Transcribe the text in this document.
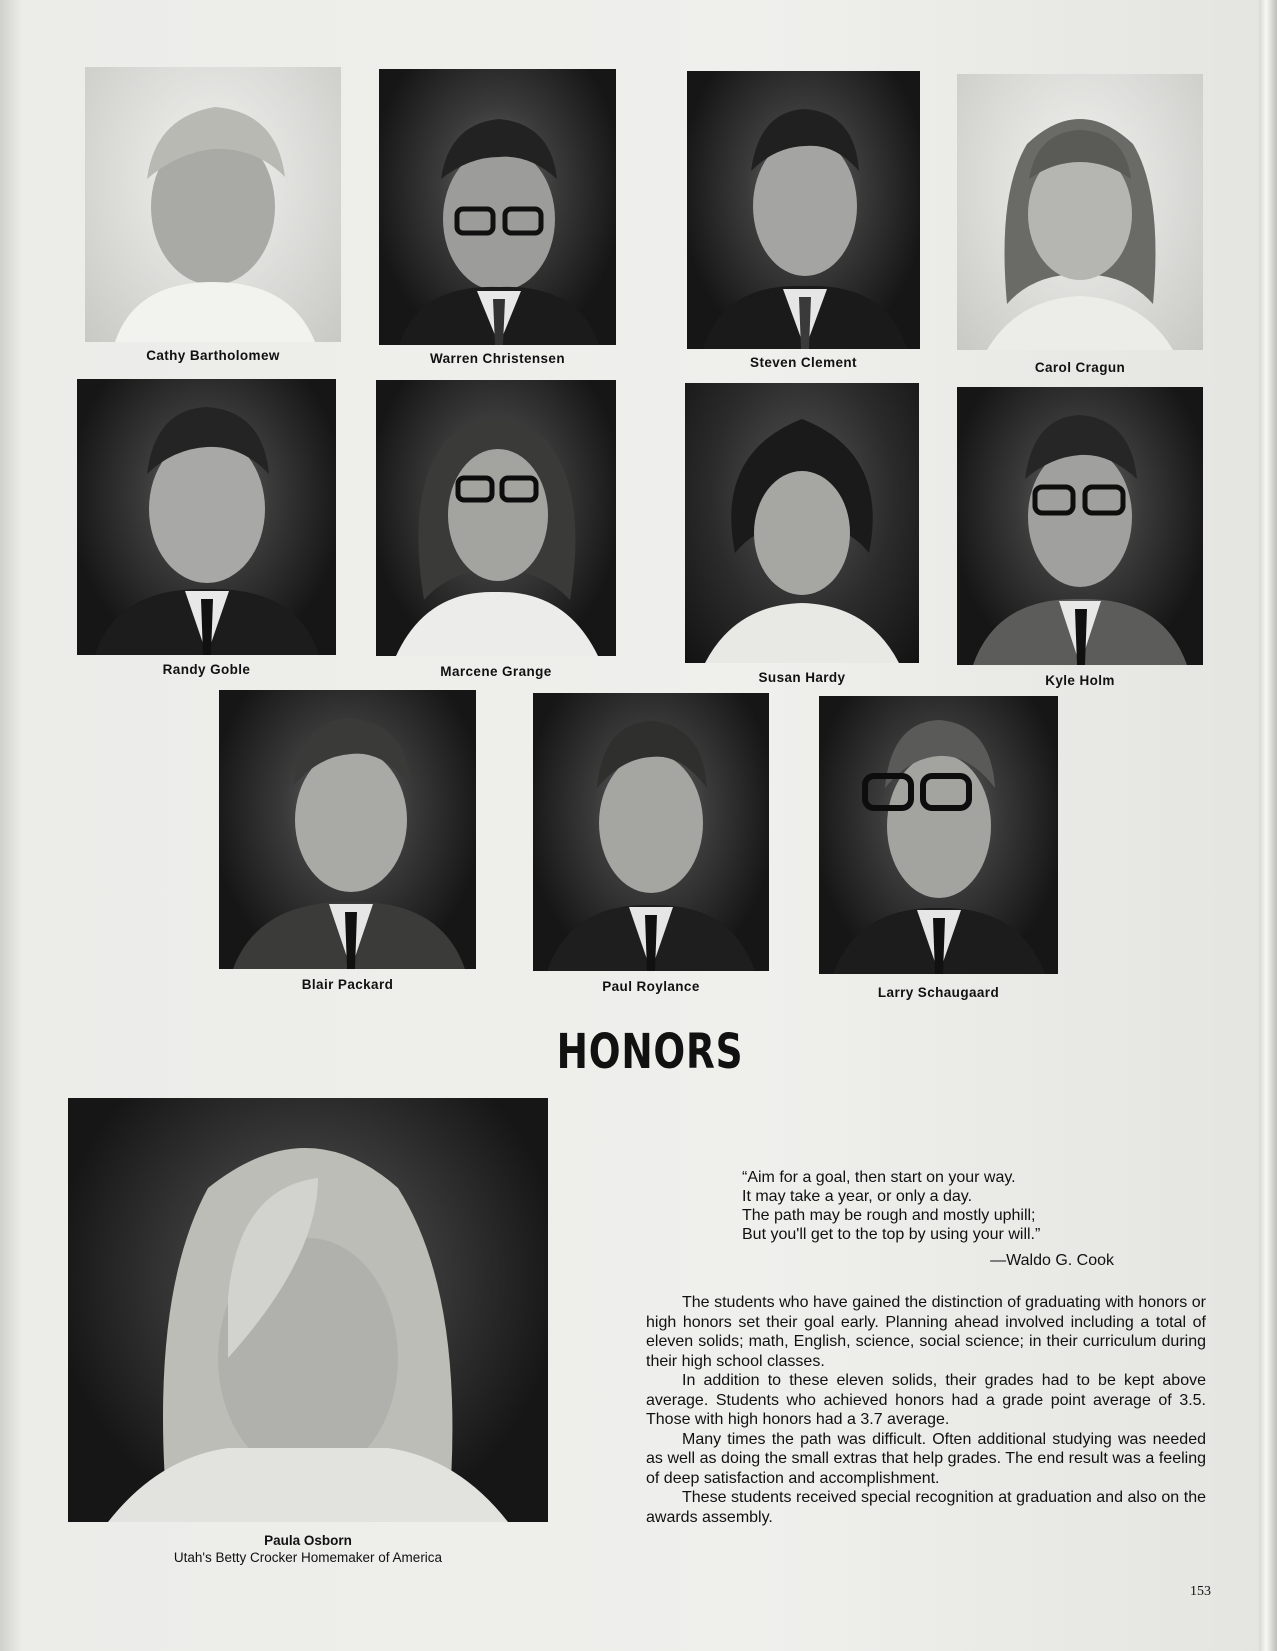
Cathy Bartholomew	Warren Christensen	Steven Clement	Carol Cragun
Randy Goble	Marcene Grange	Susan Hardy	Kyle Holm
Blair Packard	Paul Roylance	Larry Schaugaard
HONORS
Paula Osborn
Utah's Betty Crocker Homemaker of America
“Aim for a goal, then start on your way.
It may take a year, or only a day.
The path may be rough and mostly uphill;
But you'll get to the top by using your will.”
—Waldo G. Cook

The students who have gained the distinction of graduating with honors or high honors set their goal early. Planning ahead involved including a total of eleven solids; math, English, science, social science; in their curriculum during their high school classes.

In addition to these eleven solids, their grades had to be kept above average. Students who achieved honors had a grade point average of 3.5. Those with high honors had a 3.7 average.

Many times the path was difficult. Often additional studying was needed as well as doing the small extras that help grades. The end result was a feeling of deep satisfaction and accomplishment.

These students received special recognition at graduation and also on the awards assembly.

153
